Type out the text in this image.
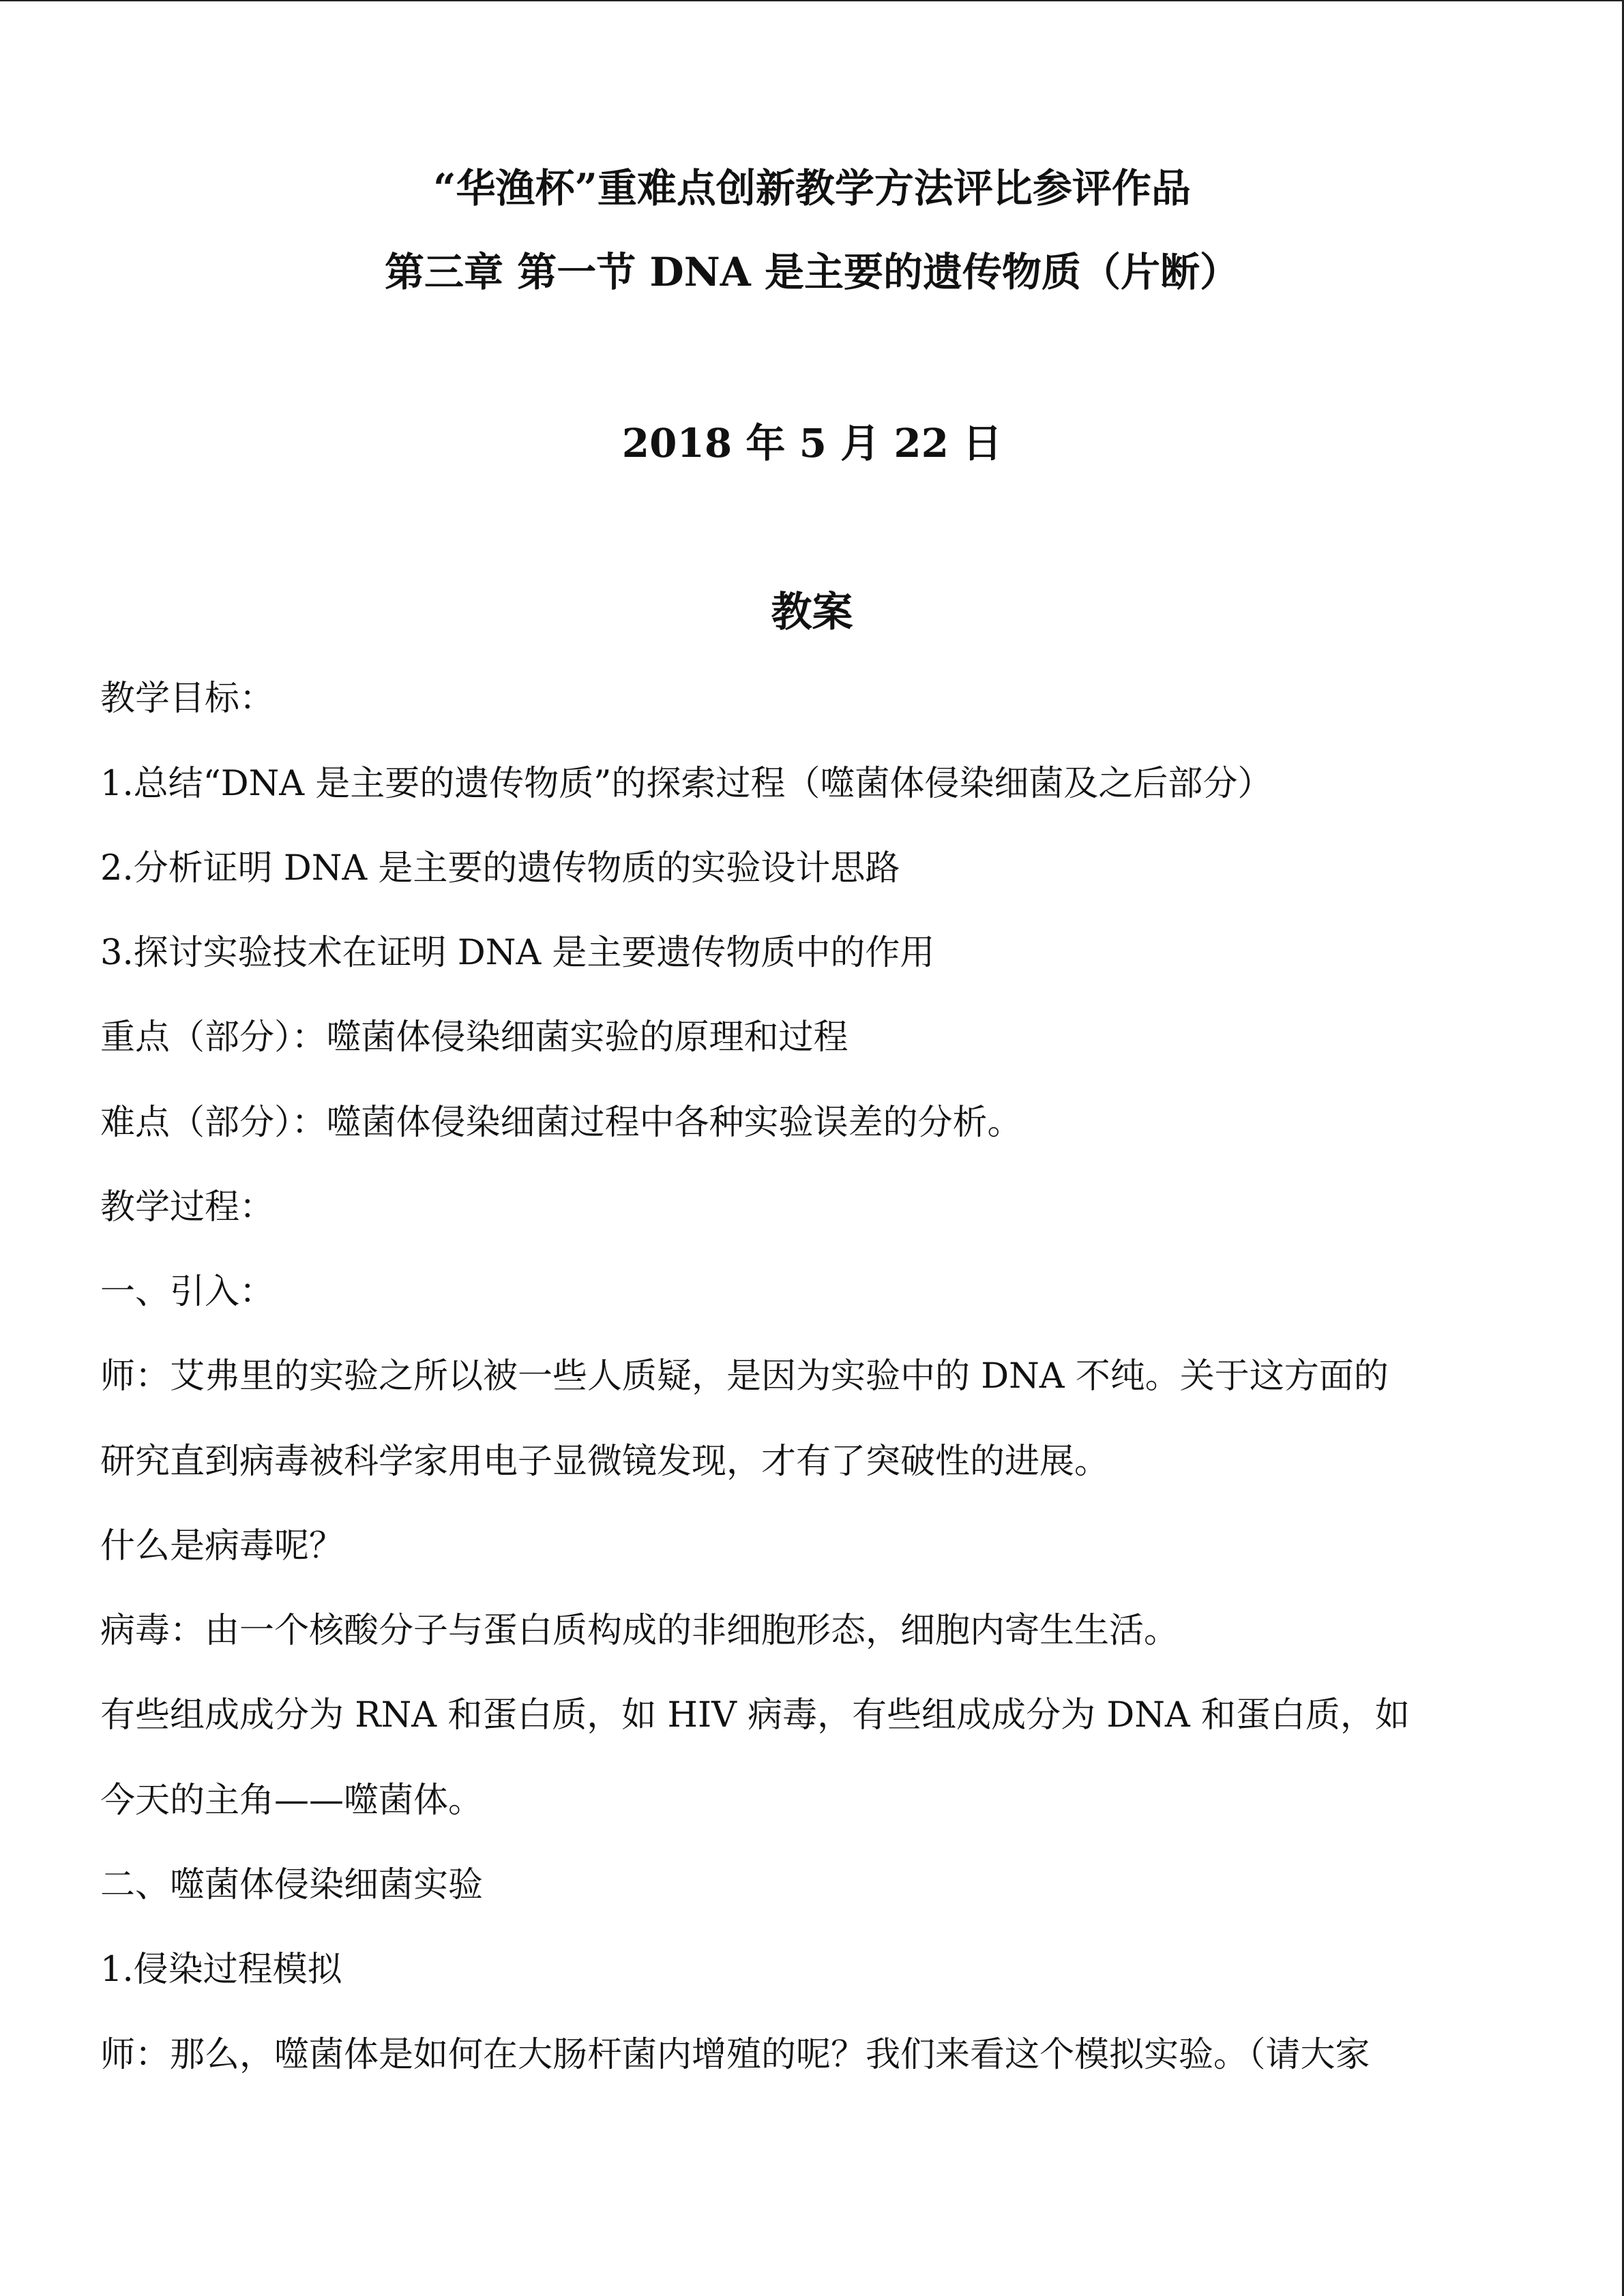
“华渔杯”重难点创新教学方法评比参评作品
第三章 第一节 DNA 是主要的遗传物质（片断）
2018 年 5 月 22 日
教案
教学目标：
1.总结“DNA 是主要的遗传物质”的探索过程（噬菌体侵染细菌及之后部分）
2.分析证明 DNA 是主要的遗传物质的实验设计思路
3.探讨实验技术在证明 DNA 是主要遗传物质中的作用
重点（部分）：噬菌体侵染细菌实验的原理和过程
难点（部分）：噬菌体侵染细菌过程中各种实验误差的分析。
教学过程：
一、引入：
师：艾弗里的实验之所以被一些人质疑，是因为实验中的 DNA 不纯。关于这方面的
研究直到病毒被科学家用电子显微镜发现，才有了突破性的进展。
什么是病毒呢？
病毒：由一个核酸分子与蛋白质构成的非细胞形态，细胞内寄生生活。
有些组成成分为 RNA 和蛋白质，如 HIV 病毒，有些组成成分为 DNA 和蛋白质，如
今天的主角——噬菌体。
二、噬菌体侵染细菌实验
1.侵染过程模拟
师：那么，噬菌体是如何在大肠杆菌内增殖的呢？我们来看这个模拟实验。（请大家
